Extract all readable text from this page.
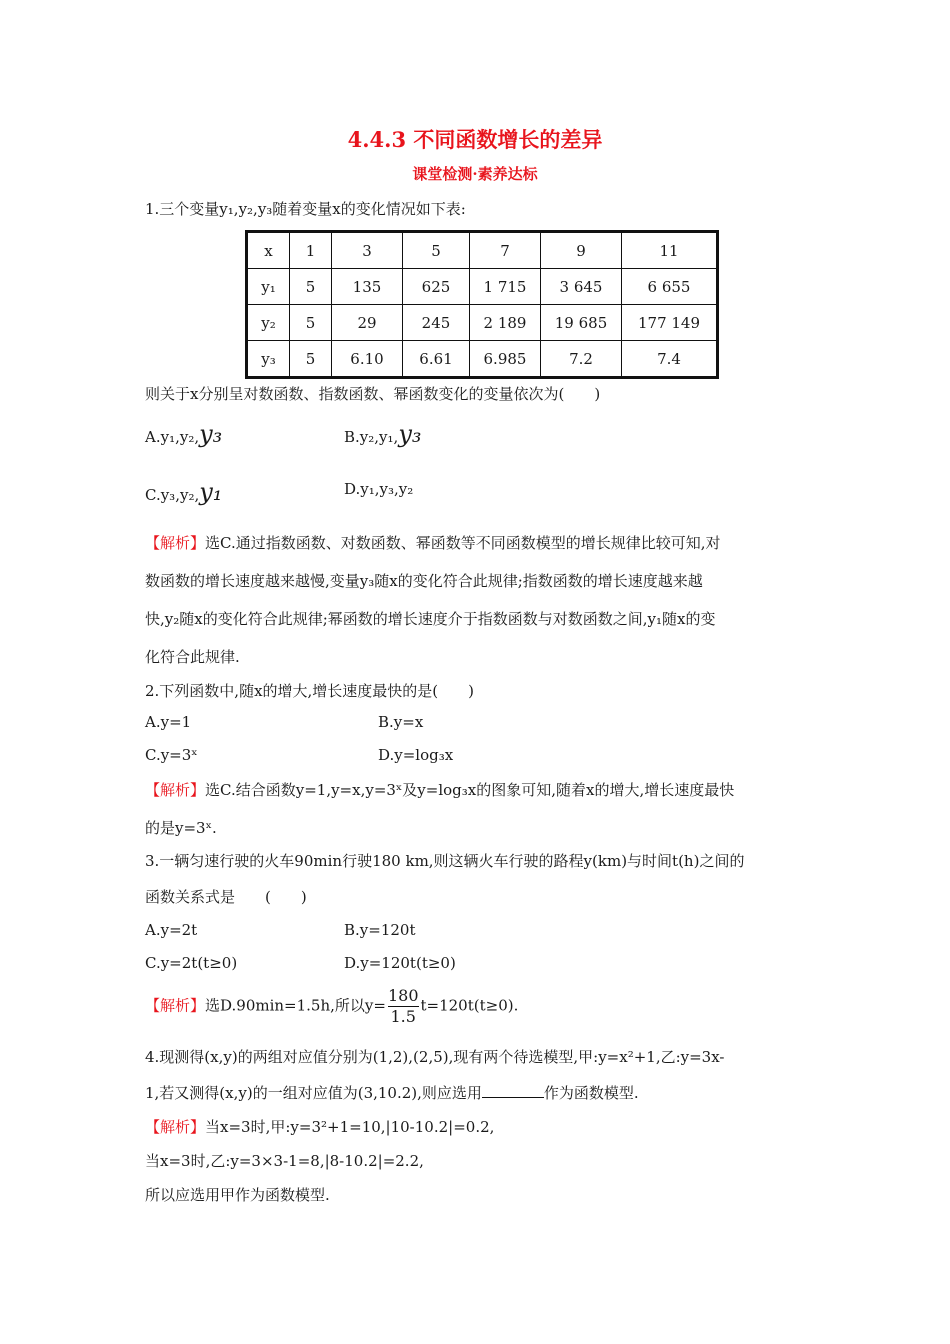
4.4.3 不同函数增长的差异
课堂检测·素养达标
1.三个变量y₁,y₂,y₃随着变量x的变化情况如下表:
x	1	3	5	7	9	11
y₁	5	135	625	1 715	3 645	6 655
y₂	5	29	245	2 189	19 685	177 149
y₃	5	6.10	6.61	6.985	7.2	7.4
则关于x分别呈对数函数、指数函数、幂函数变化的变量依次为(　　)
A.y₁,y₂,y₃	B.y₂,y₁,y₃
C.y₃,y₂,y₁	D.y₁,y₃,y₂
【解析】选C.通过指数函数、对数函数、幂函数等不同函数模型的增长规律比较可知,对
数函数的增长速度越来越慢,变量y₃随x的变化符合此规律;指数函数的增长速度越来越
快,y₂随x的变化符合此规律;幂函数的增长速度介于指数函数与对数函数之间,y₁随x的变
化符合此规律.
2.下列函数中,随x的增大,增长速度最快的是(　　)
A.y=1	B.y=x
C.y=3ˣ	D.y=log₃x
【解析】选C.结合函数y=1,y=x,y=3ˣ及y=log₃x的图象可知,随着x的增大,增长速度最快
的是y=3ˣ.
3.一辆匀速行驶的火车90min行驶180 km,则这辆火车行驶的路程y(km)与时间t(h)之间的
函数关系式是　　(　　)
A.y=2t	B.y=120t
C.y=2t(t≥0)	D.y=120t(t≥0)
【解析】选D.90min=1.5h,所以$y= \frac{180}{1.5} t=120t(t\ge 0)$.
4.现测得(x,y)的两组对应值分别为(1,2),(2,5),现有两个待选模型,甲:y=x²+1,乙:y=3x-
1,若又测得(x,y)的一组对应值为(3,10.2),则应选用	作为函数模型.
【解析】当x=3时,甲:y=3²+1=10,|10-10.2|=0.2,
当x=3时,乙:y=3×3-1=8,|8-10.2|=2.2,
所以应选用甲作为函数模型.
